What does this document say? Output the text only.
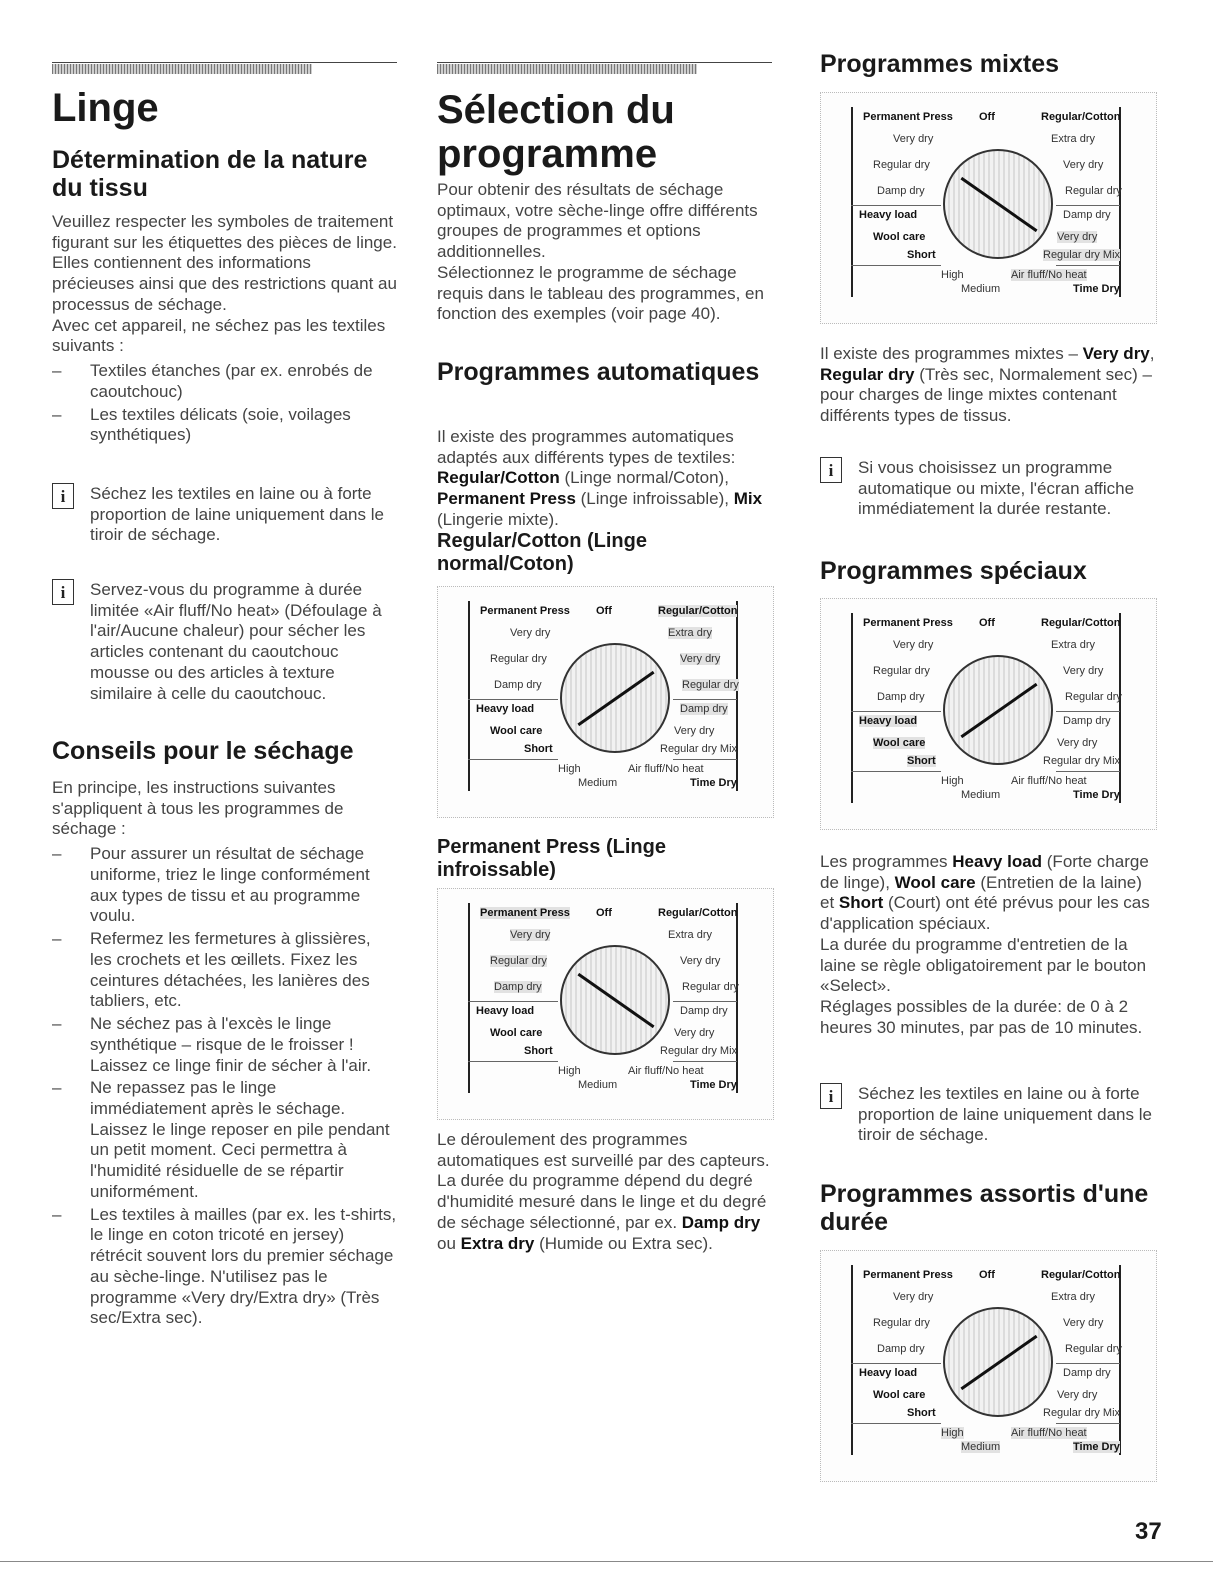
Linge
Détermination de la nature du tissu

Veuillez respecter les symboles de traitement figurant sur les étiquettes des pièces de linge. Elles contiennent des informations précieuses ainsi que des restrictions quant au processus de séchage.

Avec cet appareil, ne séchez pas les textiles suivants :

– Textiles étanches (par ex. enrobés de caoutchouc)
– Les textiles délicats (soie, voilages synthétiques)
i	Séchez les textiles en laine ou à forte proportion de laine uniquement dans le tiroir de séchage.
i	Servez-vous du programme à durée limitée «Air fluff/No heat» (Défoulage à l'air/Aucune chaleur) pour sécher les articles contenant du caoutchouc mousse ou des articles à texture similaire à celle du caoutchouc.
Conseils pour le séchage

En principe, les instructions suivantes s'appliquent à tous les programmes de séchage :

– Pour assurer un résultat de séchage uniforme, triez le linge conformément aux types de tissu et au programme voulu.
– Refermez les fermetures à glissières, les crochets et les œillets. Fixez les ceintures détachées, les lanières des tabliers, etc.
– Ne séchez pas à l'excès le linge synthétique – risque de le froisser ! Laissez ce linge finir de sécher à l'air.
– Ne repassez pas le linge immédiatement après le séchage. Laissez le linge reposer en pile pendant un petit moment. Ceci permettra à l'humidité résiduelle de se répartir uniformément.
– Les textiles à mailles (par ex. les t-shirts, le linge en coton tricoté en jersey) rétrécit souvent lors du premier séchage au sèche-linge. N'utilisez pas le programme «Very dry/Extra dry» (Très sec/Extra sec).
Sélection du programme

Pour obtenir des résultats de séchage optimaux, votre sèche-linge offre différents groupes de programmes et options additionnelles.

Sélectionnez le programme de séchage requis dans le tableau des programmes, en fonction des exemples (voir page 40).

Programmes automatiques

Il existe des programmes automatiques adaptés aux différents types de textiles: Regular/Cotton (Linge normal/Coton), Permanent Press (Linge infroissable), Mix (Lingerie mixte).

Regular/Cotton (Linge normal/Coton)
Permanent Press Off	Regular/Cotton
Very dry	Extra dry
Regular dry	Very dry
Damp dry	Regular dry
Heavy load	Damp dry
Wool care	Very dry
Short	Regular dry Mix
High	Air fluff/No heat
Medium	Time Dry
Permanent Press (Linge infroissable)
Permanent Press Off	Regular/Cotton
Very dry	Extra dry
Regular dry	Very dry
Damp dry	Regular dry
Heavy load	Damp dry
Wool care	Very dry
Short	Regular dry Mix
High	Air fluff/No heat
Medium	Time Dry

Le déroulement des programmes automatiques est surveillé par des capteurs. La durée du programme dépend du degré d'humidité mesuré dans le linge et du degré de séchage sélectionné, par ex. Damp dry ou Extra dry (Humide ou Extra sec).

Programmes mixtes
Permanent Press Off	Regular/Cotton
Very dry	Extra dry
Regular dry	Very dry
Damp dry	Regular dry
Heavy load	Damp dry
Wool care	Very dry
Short	Regular dry Mix
High	Air fluff/No heat
Medium	Time Dry

Il existe des programmes mixtes – Very dry, Regular dry (Très sec, Normalement sec) – pour charges de linge mixtes contenant différents types de tissus.

i	Si vous choisissez un programme automatique ou mixte, l'écran affiche immédiatement la durée restante.
Programmes spéciaux
Permanent Press Off	Regular/Cotton
Very dry	Extra dry
Regular dry	Very dry
Damp dry	Regular dry
Heavy load	Damp dry
Wool care	Very dry
Short	Regular dry Mix
High	Air fluff/No heat
Medium	Time Dry

Les programmes Heavy load (Forte charge de linge), Wool care (Entretien de la laine) et Short (Court) ont été prévus pour les cas d'application spéciaux.

La durée du programme d'entretien de la laine se règle obligatoirement par le bouton «Select».

Réglages possibles de la durée: de 0 à 2 heures 30 minutes, par pas de 10 minutes.

i	Séchez les textiles en laine ou à forte proportion de laine uniquement dans le tiroir de séchage.
Programmes assortis d'une durée
Permanent Press Off	Regular/Cotton
Very dry	Extra dry
Regular dry	Very dry
Damp dry	Regular dry
Heavy load	Damp dry
Wool care	Very dry
Short	Regular dry Mix
High	Air fluff/No heat
Medium	Time Dry
37
